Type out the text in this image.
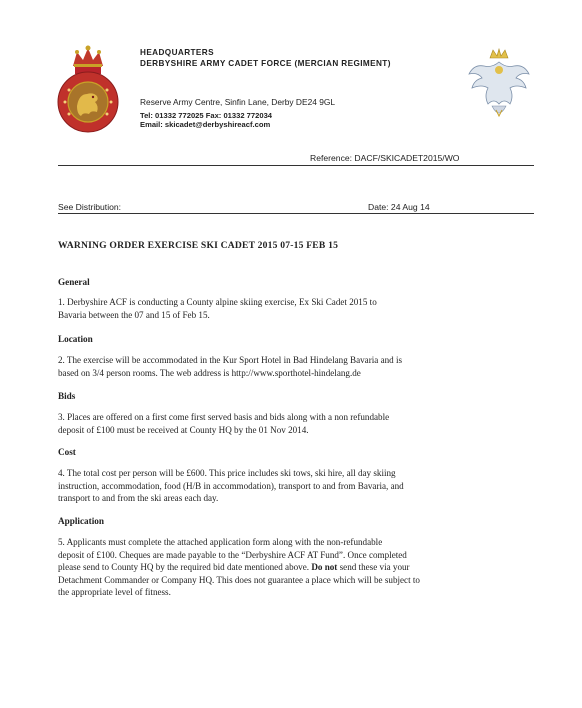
HEADQUARTERS
DERBYSHIRE ARMY CADET FORCE (MERCIAN REGIMENT)
Reserve Army Centre, Sinfin Lane, Derby DE24 9GL
Tel: 01332 772025 Fax: 01332 772034
Email: skicadet@derbyshireacf.com
Reference: DACF/SKICADET2015/WO
See Distribution:	Date: 24 Aug 14
WARNING ORDER EXERCISE SKI CADET 2015 07-15 FEB 15
General
1. Derbyshire ACF is conducting a County alpine skiing exercise, Ex Ski Cadet 2015 to
Bavaria between the 07 and 15 of Feb 15.
Location
2. The exercise will be accommodated in the Kur Sport Hotel in Bad Hindelang Bavaria and is
based on 3/4 person rooms. The web address is http://www.sporthotel-hindelang.de
Bids
3. Places are offered on a first come first served basis and bids along with a non refundable
deposit of £100 must be received at County HQ by the 01 Nov 2014.
Cost
4. The total cost per person will be £600. This price includes ski tows, ski hire, all day skiing
instruction, accommodation, food (H/B in accommodation), transport to and from Bavaria, and
transport to and from the ski areas each day.
Application
5. Applicants must complete the attached application form along with the non-refundable
deposit of £100. Cheques are made payable to the “Derbyshire ACF AT Fund”. Once completed
please send to County HQ by the required bid date mentioned above. Do not send these via your
Detachment Commander or Company HQ. This does not guarantee a place which will be subject to
the appropriate level of fitness.
